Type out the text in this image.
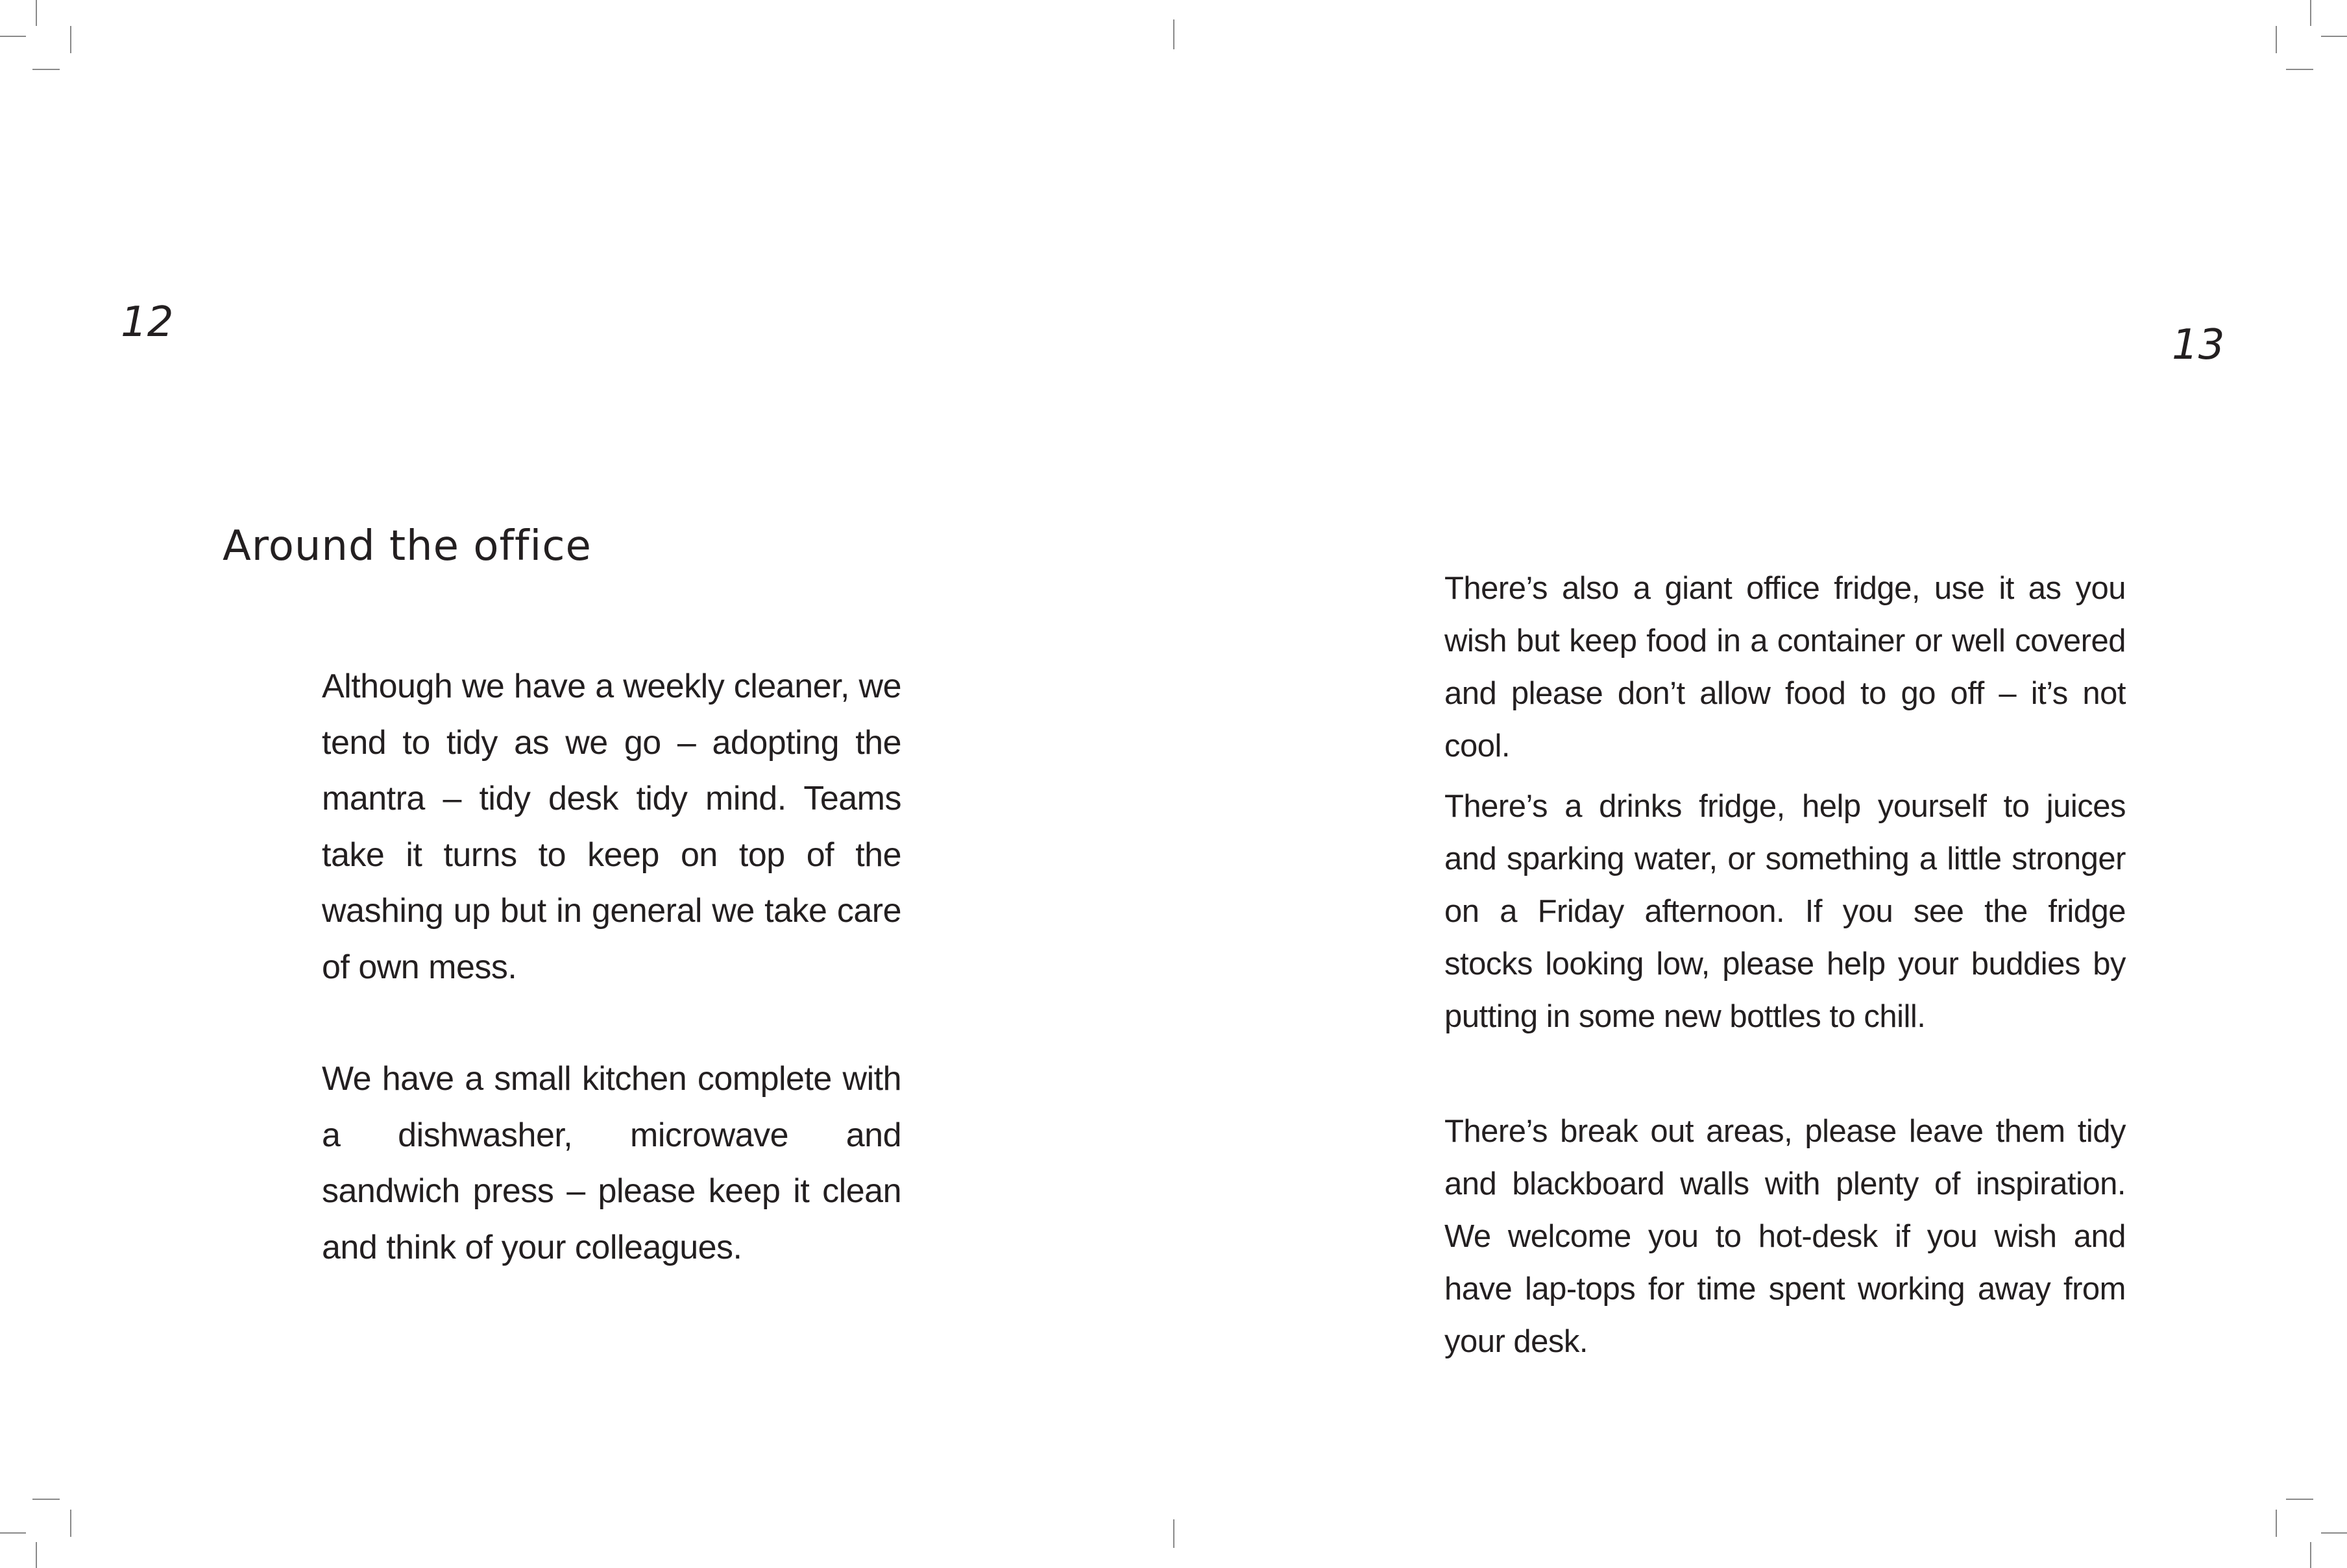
12
Around the office

Although we have a weekly cleaner, we tend to tidy as we go – adopting the mantra – tidy desk tidy mind. Teams take it turns to keep on top of the washing up but in general we take care of own mess.

We have a small kitchen complete with a dishwasher, microwave and sandwich press – please keep it clean and think of your colleagues.

13

There’s also a giant office fridge, use it as you wish but keep food in a container or well covered and please don’t allow food to go off – it’s not cool.

There’s a drinks fridge, help yourself to juices and sparking water, or something a little stronger on a Friday afternoon. If you see the fridge stocks looking low, please help your buddies by putting in some new bottles to chill.

There’s break out areas, please leave them tidy and blackboard walls with plenty of inspiration. We welcome you to hot-desk if you wish and have lap-tops for time spent working away from your desk.
